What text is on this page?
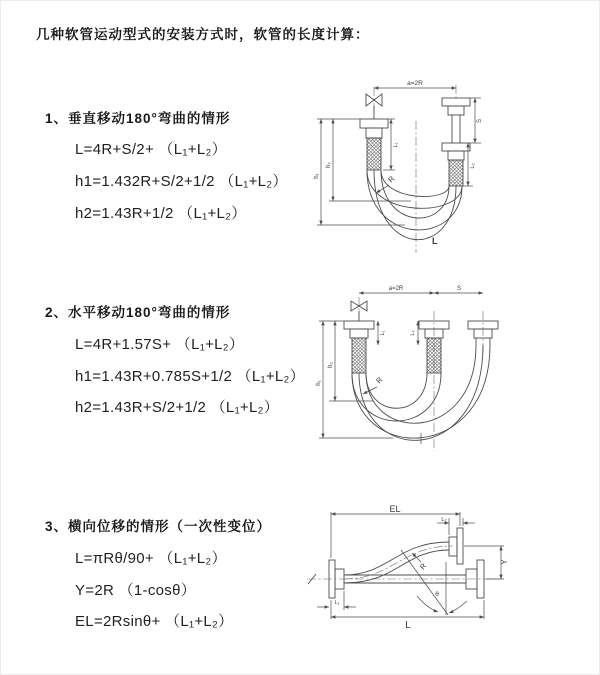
几种软管运动型式的安装方式时，软管的长度计算：
1、垂直移动180°弯曲的情形
L=4R+S/2+ （L₁+L₂）
h1=1.432R+S/2+1/2 （L₁+L₂）
h2=1.43R+1/2 （L₁+L₂）
2、水平移动180°弯曲的情形
L=4R+1.57S+ （L₁+L₂）
h1=1.43R+0.785S+1/2 （L₁+L₂）
h2=1.43R+S/2+1/2 （L₁+L₂）
3、横向位移的情形（一次性变位）
L=πRθ/90+ （L₁+L₂）
Y=2R （1-cosθ）
EL=2Rsinθ+ （L₁+L₂）
a=2R
h₁
h₂
L₁
S
L₂
R
L
a=2R	S
h₁
h₂
L₁	L₂
R
EL
L₂
L
L₁
Y
θ
R
